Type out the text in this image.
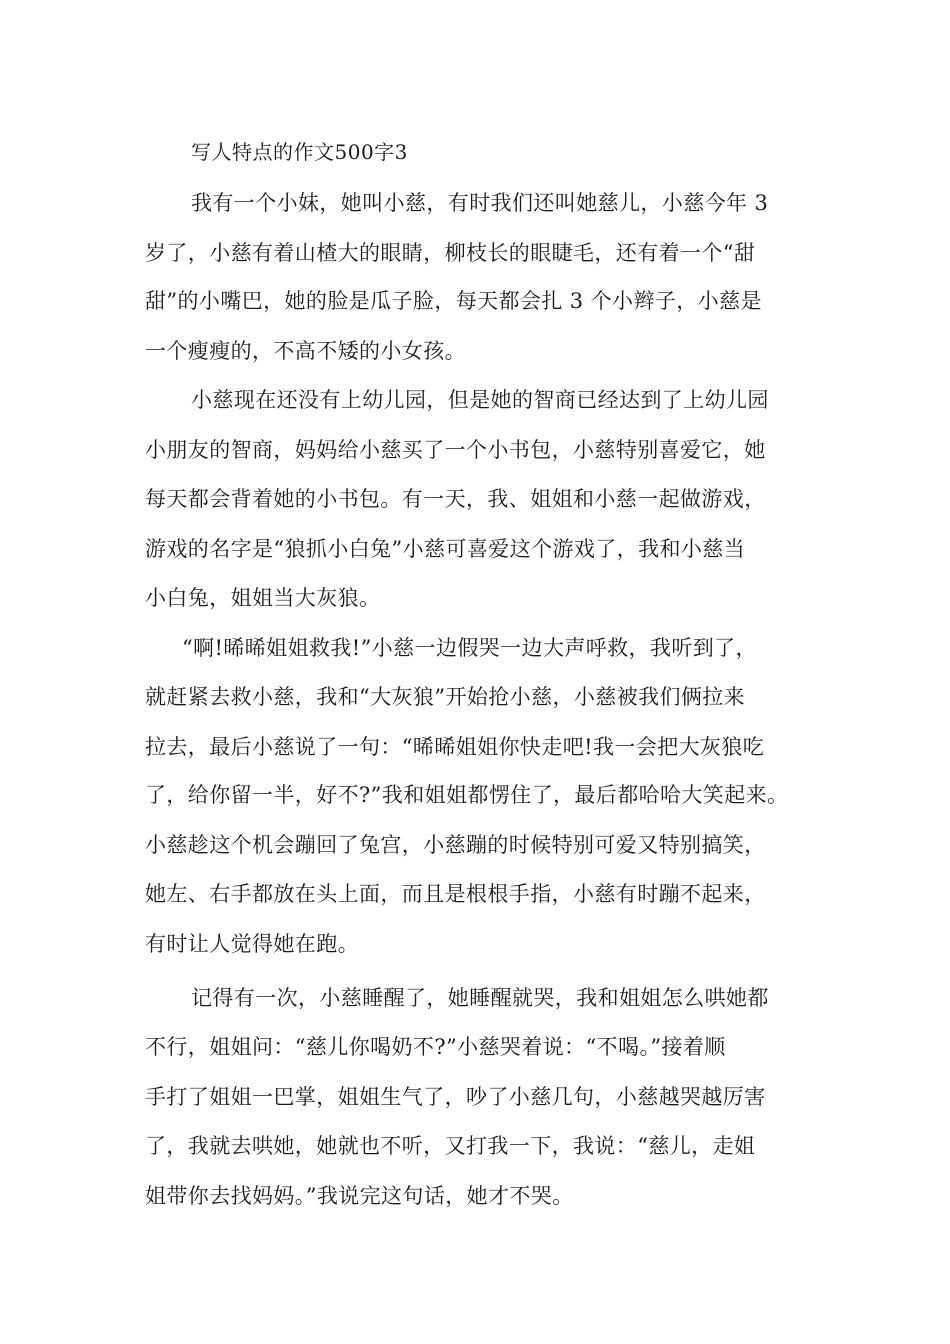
写人特点的作文500字3
我有一个小妹，她叫小慈，有时我们还叫她慈儿，小慈今年 3
岁了，小慈有着山楂大的眼睛，柳枝长的眼睫毛，还有着一个“甜
甜”的小嘴巴，她的脸是瓜子脸，每天都会扎 3 个小辫子，小慈是
一个瘦瘦的，不高不矮的小女孩。
小慈现在还没有上幼儿园，但是她的智商已经达到了上幼儿园
小朋友的智商，妈妈给小慈买了一个小书包，小慈特别喜爱它，她
每天都会背着她的小书包。有一天，我、姐姐和小慈一起做游戏，
游戏的名字是“狼抓小白兔”小慈可喜爱这个游戏了，我和小慈当
小白兔，姐姐当大灰狼。
“啊!晞晞姐姐救我!”小慈一边假哭一边大声呼救，我听到了，
就赶紧去救小慈，我和“大灰狼”开始抢小慈，小慈被我们俩拉来
拉去，最后小慈说了一句：“晞晞姐姐你快走吧!我一会把大灰狼吃
了，给你留一半，好不?”我和姐姐都愣住了，最后都哈哈大笑起来。
小慈趁这个机会蹦回了兔宫，小慈蹦的时候特别可爱又特别搞笑，
她左、右手都放在头上面，而且是根根手指，小慈有时蹦不起来，
有时让人觉得她在跑。
记得有一次，小慈睡醒了，她睡醒就哭，我和姐姐怎么哄她都
不行，姐姐问：“慈儿你喝奶不?”小慈哭着说：“不喝。”接着顺
手打了姐姐一巴掌，姐姐生气了，吵了小慈几句，小慈越哭越厉害
了，我就去哄她，她就也不听，又打我一下，我说：“慈儿，走姐
姐带你去找妈妈。”我说完这句话，她才不哭。
